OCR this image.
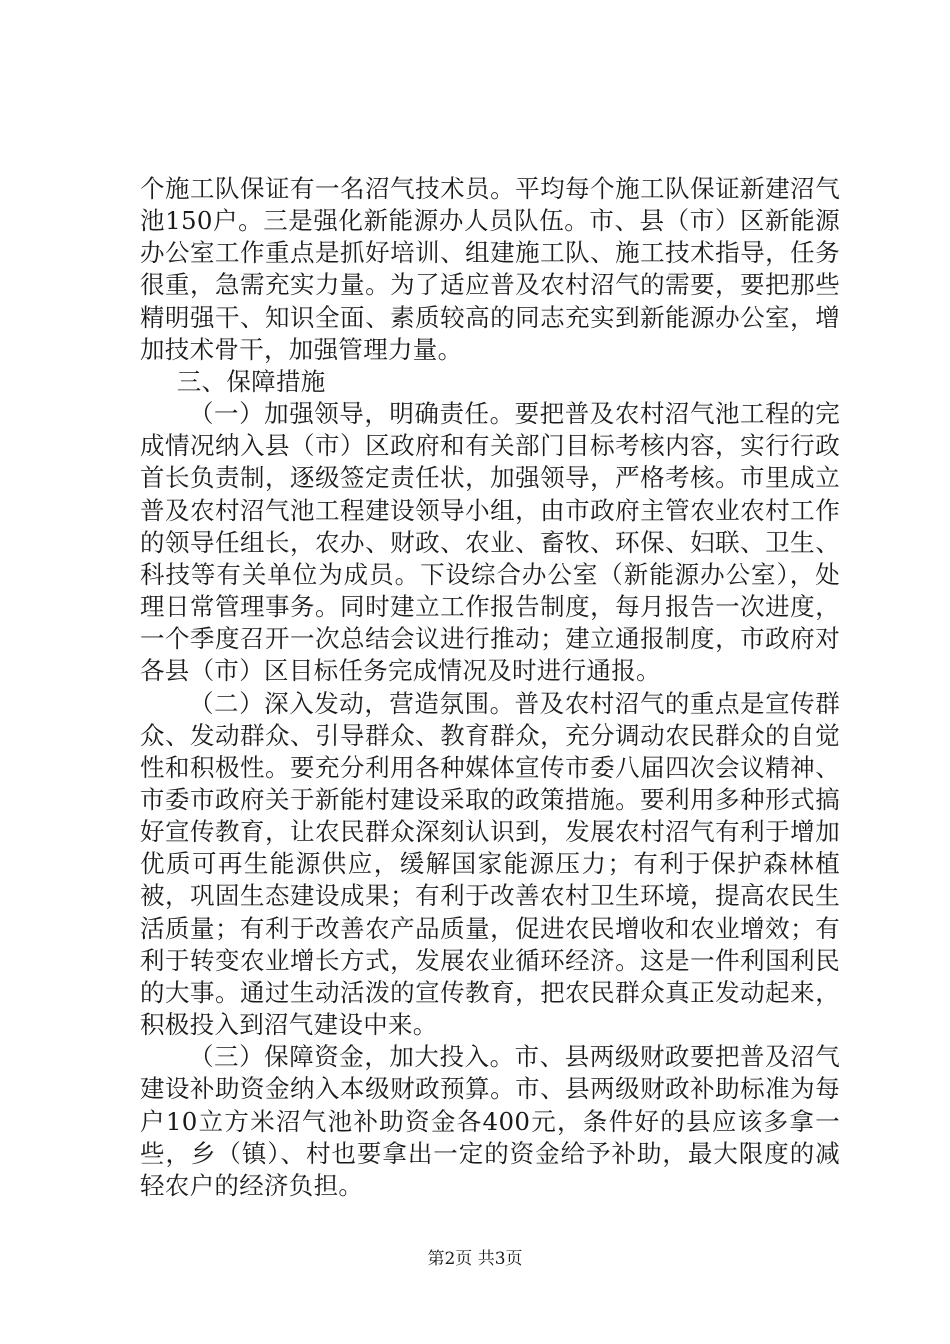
个施工队保证有一名沼气技术员。平均每个施工队保证新建沼气池150户。三是强化新能源办人员队伍。市、县（市）区新能源办公室工作重点是抓好培训、组建施工队、施工技术指导，任务很重，急需充实力量。为了适应普及农村沼气的需要，要把那些精明强干、知识全面、素质较高的同志充实到新能源办公室，增加技术骨干，加强管理力量。

三、保障措施

（一）加强领导，明确责任。要把普及农村沼气池工程的完成情况纳入县（市）区政府和有关部门目标考核内容，实行行政首长负责制，逐级签定责任状，加强领导，严格考核。市里成立普及农村沼气池工程建设领导小组，由市政府主管农业农村工作的领导任组长，农办、财政、农业、畜牧、环保、妇联、卫生、科技等有关单位为成员。下设综合办公室（新能源办公室），处理日常管理事务。同时建立工作报告制度，每月报告一次进度，一个季度召开一次总结会议进行推动；建立通报制度，市政府对各县（市）区目标任务完成情况及时进行通报。

（二）深入发动，营造氛围。普及农村沼气的重点是宣传群众、发动群众、引导群众、教育群众，充分调动农民群众的自觉性和积极性。要充分利用各种媒体宣传市委八届四次会议精神、市委市政府关于新能村建设采取的政策措施。要利用多种形式搞好宣传教育，让农民群众深刻认识到，发展农村沼气有利于增加优质可再生能源供应，缓解国家能源压力；有利于保护森林植被，巩固生态建设成果；有利于改善农村卫生环境，提高农民生活质量；有利于改善农产品质量，促进农民增收和农业增效；有利于转变农业增长方式，发展农业循环经济。这是一件利国利民的大事。通过生动活泼的宣传教育，把农民群众真正发动起来，积极投入到沼气建设中来。

（三）保障资金，加大投入。市、县两级财政要把普及沼气建设补助资金纳入本级财政预算。市、县两级财政补助标准为每户10立方米沼气池补助资金各400元，条件好的县应该多拿一些，乡（镇）、村也要拿出一定的资金给予补助，最大限度的减轻农户的经济负担。

第2页 共3页
